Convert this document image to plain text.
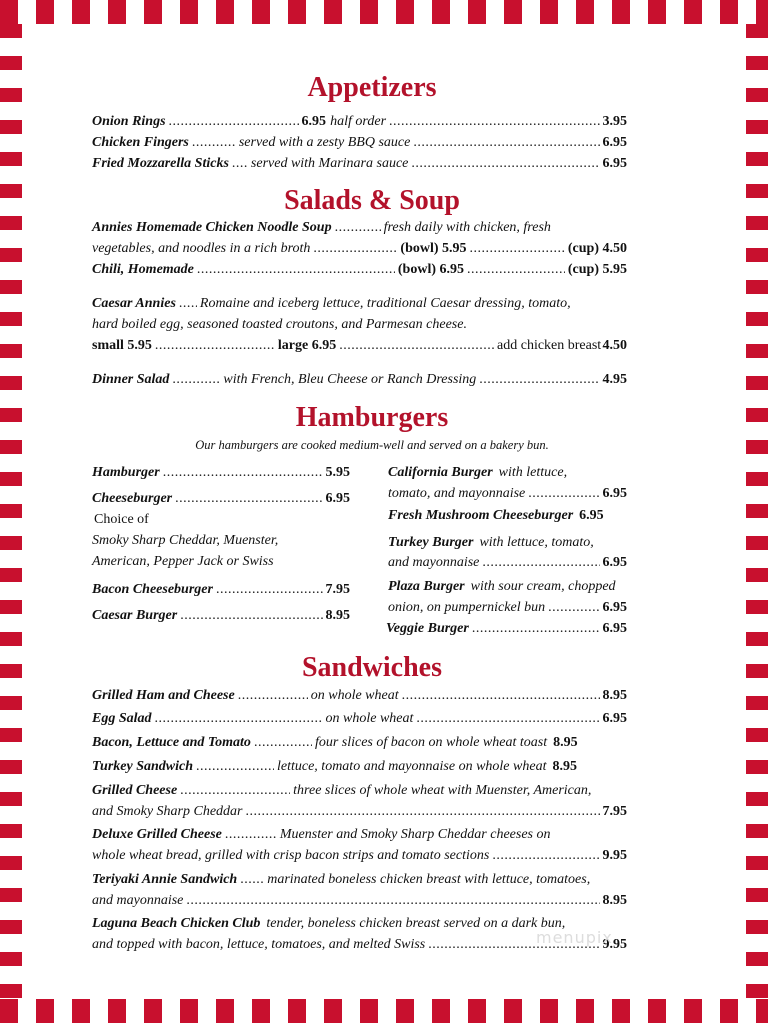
Appetizers
Onion Rings .....	6.95 half order .....	3.95
Chicken Fingers .....	served with a zesty BBQ sauce .....	6.95
Fried Mozzarella Sticks ..... served with Marinara sauce .....	6.95
Salads & Soup
Annies Homemade Chicken Noodle Soup .....	fresh daily with chicken, fresh
vegetables, and noodles in a rich broth .....	(bowl) 5.95 .....	(cup) 4.50
Chili, Homemade .....	(bowl) 6.95 .....	(cup) 5.95
Caesar Annies ..... Romaine and iceberg lettuce, traditional Caesar dressing, tomato,
hard boiled egg, seasoned toasted croutons, and Parmesan cheese.
small 5.95 .....	large 6.95 .....	add chicken breast 4.50
Dinner Salad .....	with French, Bleu Cheese or Ranch Dressing .....	4.95
Hamburgers
Our hamburgers are cooked medium-well and served on a bakery bun.
Hamburger .....	5.95
Cheeseburger .....	6.95
Choice of
Smoky Sharp Cheddar, Muenster,
American, Pepper Jack or Swiss
Bacon Cheeseburger .....	7.95
Caesar Burger .....	8.95
California Burger with lettuce,
tomato, and mayonnaise .....	6.95
Fresh Mushroom Cheeseburger 6.95
Turkey Burger with lettuce, tomato,
and mayonnaise .....	6.95
Plaza Burger with sour cream, chopped
onion, on pumpernickel bun .....	6.95
Veggie Burger .....	6.95
Sandwiches
Grilled Ham and Cheese .....	on whole wheat .....	8.95
Egg Salad .....	on whole wheat .....	6.95
Bacon, Lettuce and Tomato .....	four slices of bacon on whole wheat toast 8.95
Turkey Sandwich .....	lettuce, tomato and mayonnaise on whole wheat 8.95
Grilled Cheese .....	three slices of whole wheat with Muenster, American,
and Smoky Sharp Cheddar .....	7.95
Deluxe Grilled Cheese .....	Muenster and Smoky Sharp Cheddar cheeses on
whole wheat bread, grilled with crisp bacon strips and tomato sections .....	9.95
Teriyaki Annie Sandwich ..... marinated boneless chicken breast with lettuce, tomatoes,
and mayonnaise .....	8.95
Laguna Beach Chicken Club tender, boneless chicken breast served on a dark bun,
and topped with bacon, lettuce, tomatoes, and melted Swiss .....	9.95
menupix
